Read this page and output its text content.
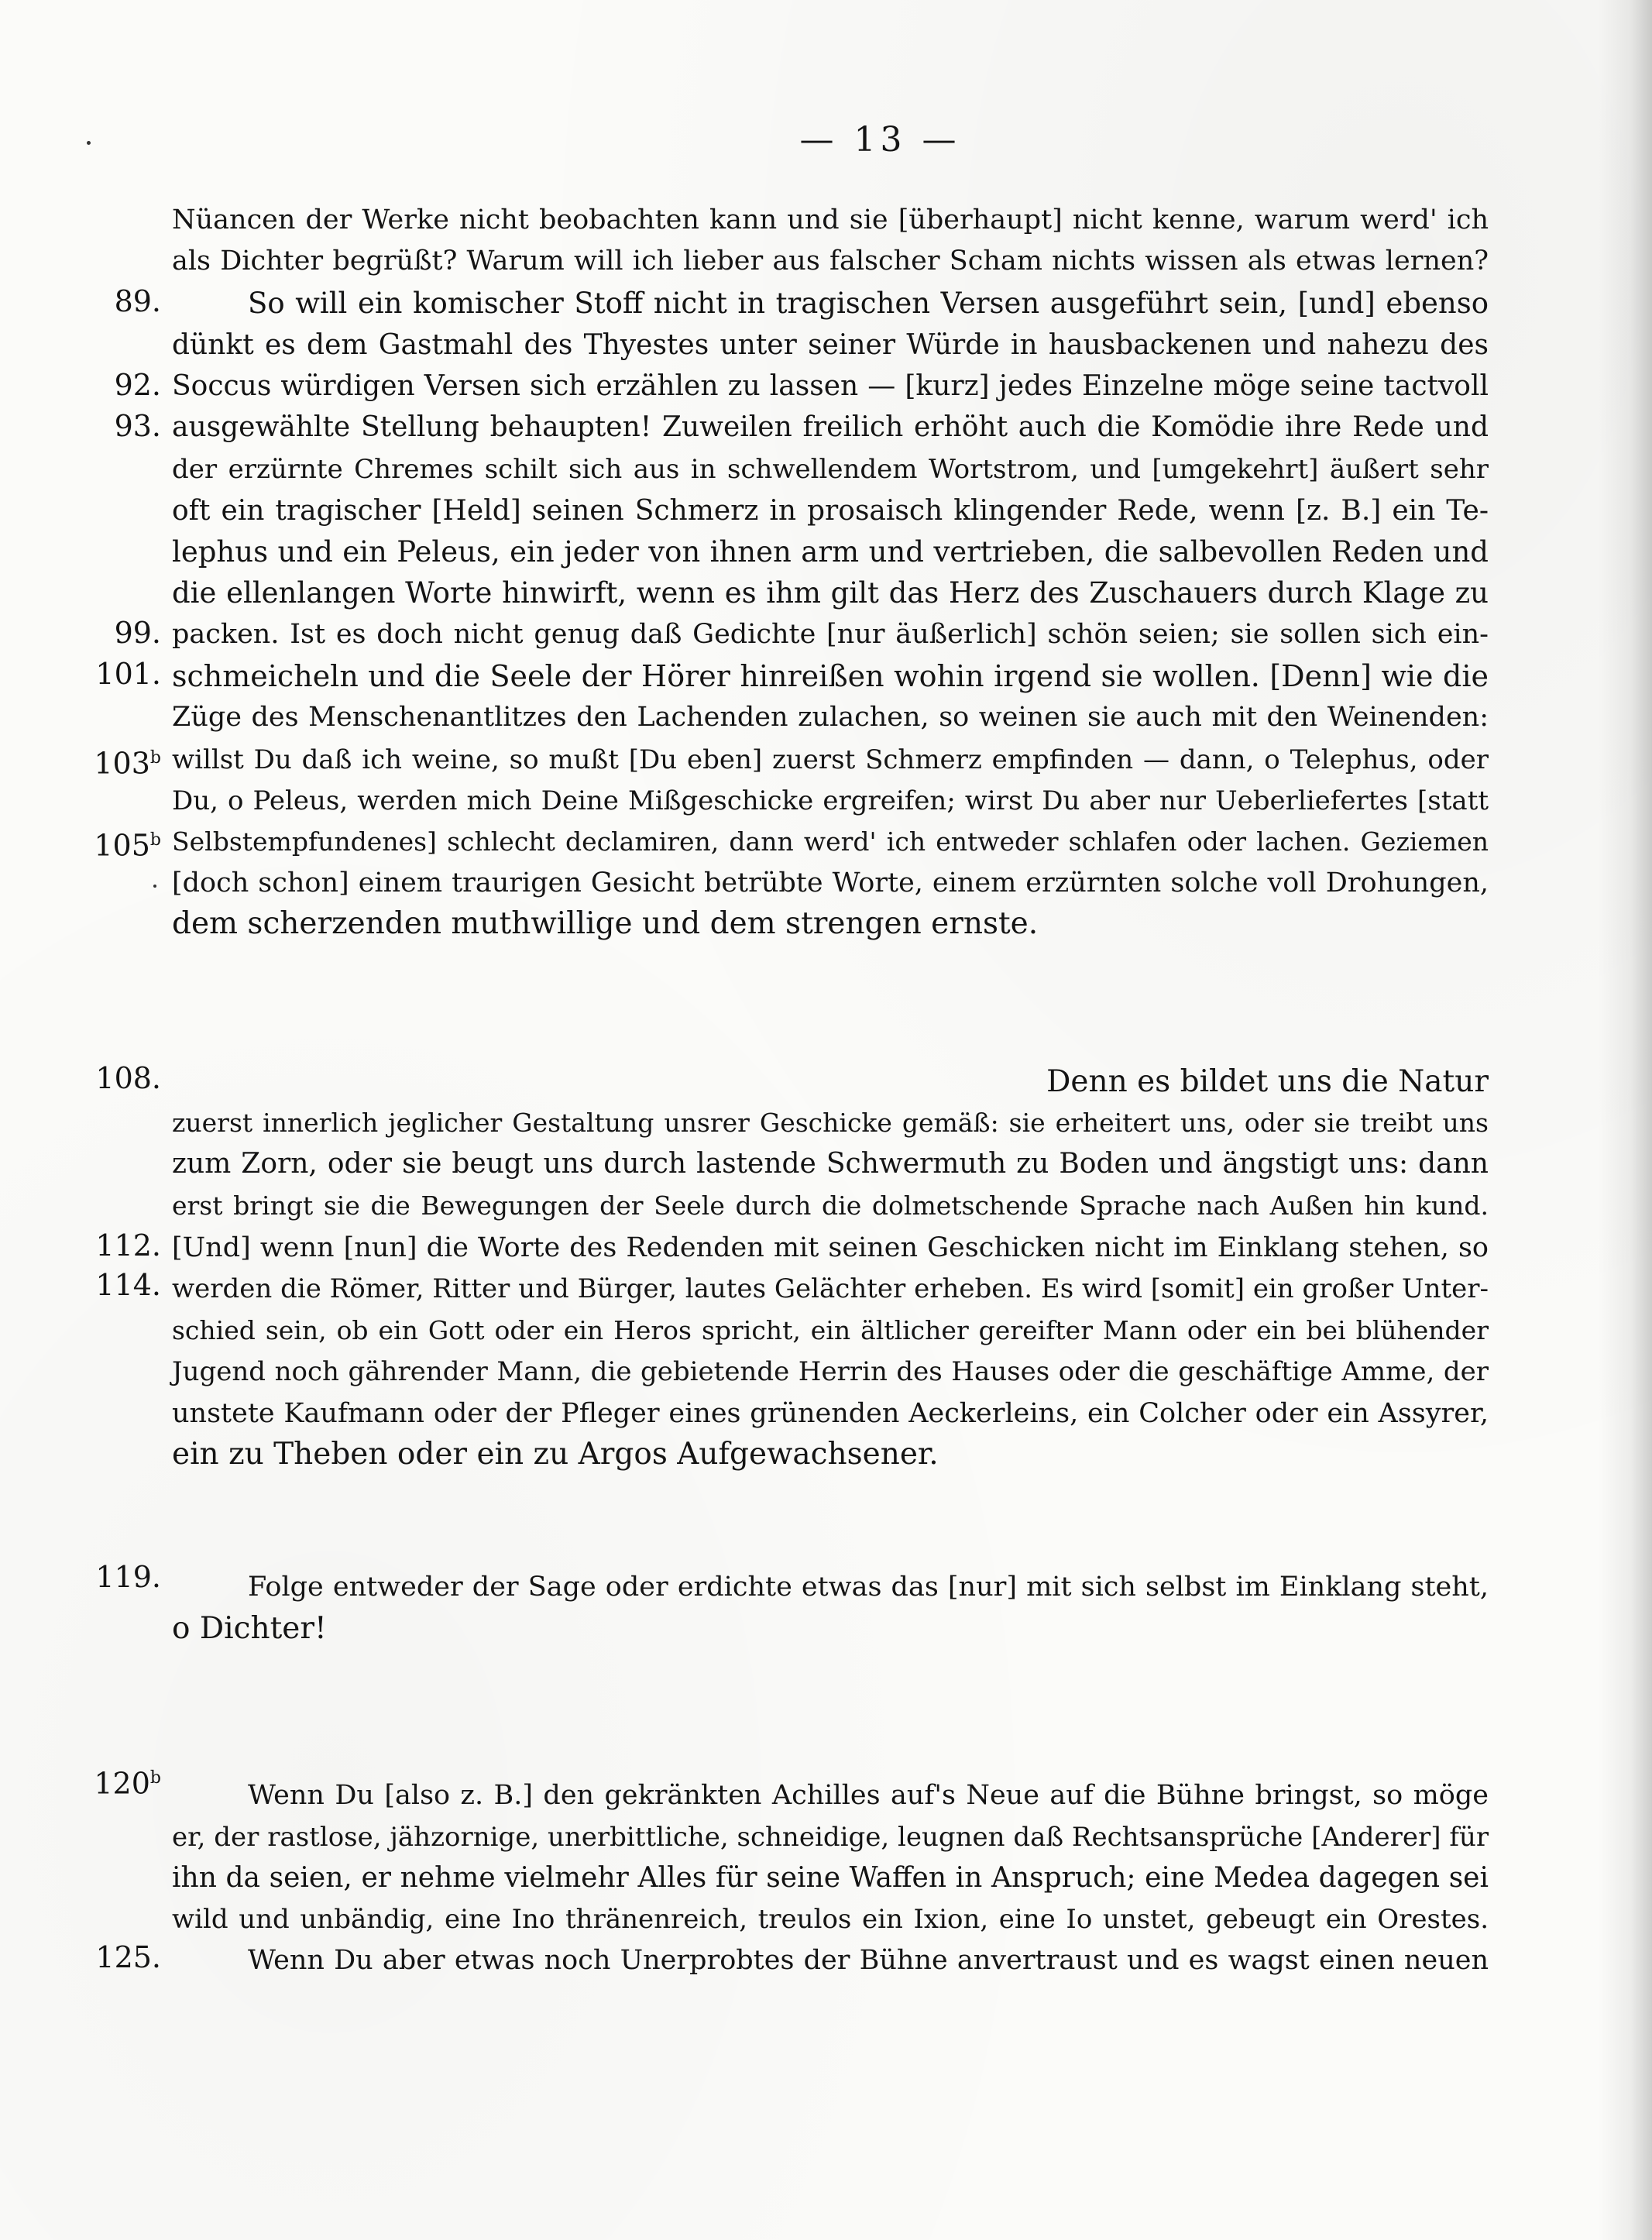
— 13 —
Nüancen der Werke nicht beobachten kann und sie [überhaupt] nicht kenne, warum werd' ich
als Dichter begrüßt? Warum will ich lieber aus falscher Scham nichts wissen als etwas lernen?
89.	So will ein komischer Stoff nicht in tragischen Versen ausgeführt sein, [und] ebenso
dünkt es dem Gastmahl des Thyestes unter seiner Würde in hausbackenen und nahezu des
92. Soccus würdigen Versen sich erzählen zu lassen — [kurz] jedes Einzelne möge seine tactvoll
93. ausgewählte Stellung behaupten! Zuweilen freilich erhöht auch die Komödie ihre Rede und
der erzürnte Chremes schilt sich aus in schwellendem Wortstrom, und [umgekehrt] äußert sehr
oft ein tragischer [Held] seinen Schmerz in prosaisch klingender Rede, wenn [z. B.] ein Te-
lephus und ein Peleus, ein jeder von ihnen arm und vertrieben, die salbevollen Reden und
die ellenlangen Worte hinwirft, wenn es ihm gilt das Herz des Zuschauers durch Klage zu
99. packen. Ist es doch nicht genug daß Gedichte [nur äußerlich] schön seien; sie sollen sich ein-
101. schmeicheln und die Seele der Hörer hinreißen wohin irgend sie wollen. [Denn] wie die
Züge des Menschenantlitzes den Lachenden zulachen, so weinen sie auch mit den Weinenden:
103$^b$ willst Du daß ich weine, so mußt [Du eben] zuerst Schmerz empfinden — dann, o Telephus, oder
Du, o Peleus, werden mich Deine Mißgeschicke ergreifen; wirst Du aber nur Ueberliefertes [statt
105$^b$ Selbstempfundenes] schlecht declamiren, dann werd' ich entweder schlafen oder lachen. Geziemen
[doch schon] einem traurigen Gesicht betrübte Worte, einem erzürnten solche voll Drohungen,
dem scherzenden muthwillige und dem strengen ernste.
108.	Denn es bildet uns die Natur
zuerst innerlich jeglicher Gestaltung unsrer Geschicke gemäß: sie erheitert uns, oder sie treibt uns
zum Zorn, oder sie beugt uns durch lastende Schwermuth zu Boden und ängstigt uns: dann
erst bringt sie die Bewegungen der Seele durch die dolmetschende Sprache nach Außen hin kund.
112. [Und] wenn [nun] die Worte des Redenden mit seinen Geschicken nicht im Einklang stehen, so
114. werden die Römer, Ritter und Bürger, lautes Gelächter erheben. Es wird [somit] ein großer Unter-
schied sein, ob ein Gott oder ein Heros spricht, ein ältlicher gereifter Mann oder ein bei blühender
Jugend noch gährender Mann, die gebietende Herrin des Hauses oder die geschäftige Amme, der
unstete Kaufmann oder der Pfleger eines grünenden Aeckerleins, ein Colcher oder ein Assyrer,
ein zu Theben oder ein zu Argos Aufgewachsener.
119.	Folge entweder der Sage oder erdichte etwas das [nur] mit sich selbst im Einklang steht,
o Dichter!
120$^b$
Wenn Du [also z. B.] den gekränkten Achilles auf's Neue auf die Bühne bringst, so möge
er, der rastlose, jähzornige, unerbittliche, schneidige, leugnen daß Rechtsansprüche [Anderer] für
ihn da seien, er nehme vielmehr Alles für seine Waffen in Anspruch; eine Medea dagegen sei
wild und unbändig, eine Ino thränenreich, treulos ein Ixion, eine Io unstet, gebeugt ein Orestes.
125.	Wenn Du aber etwas noch Unerprobtes der Bühne anvertraust und es wagst einen neuen
